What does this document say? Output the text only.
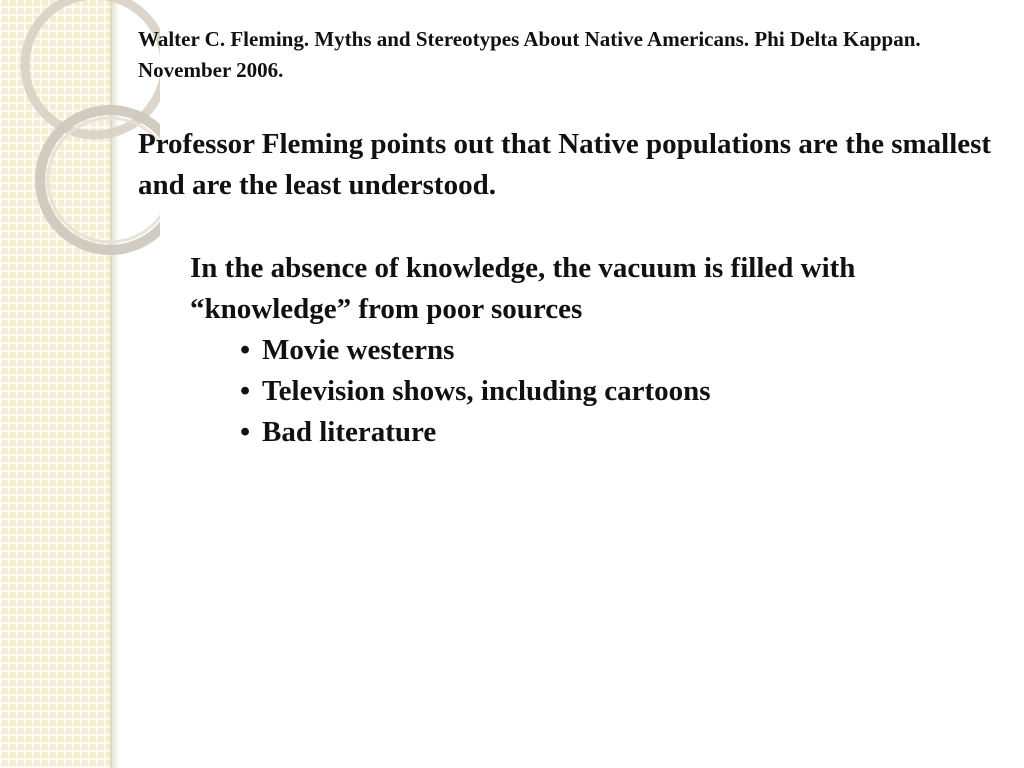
Walter C. Fleming. Myths and Stereotypes About Native Americans. Phi Delta Kappan. November 2006.

Professor Fleming points out that Native populations are the smallest and are the least understood.

In the absence of knowledge, the vacuum is filled with “knowledge” from poor sources

• Movie westerns
• Television shows, including cartoons
• Bad literature
